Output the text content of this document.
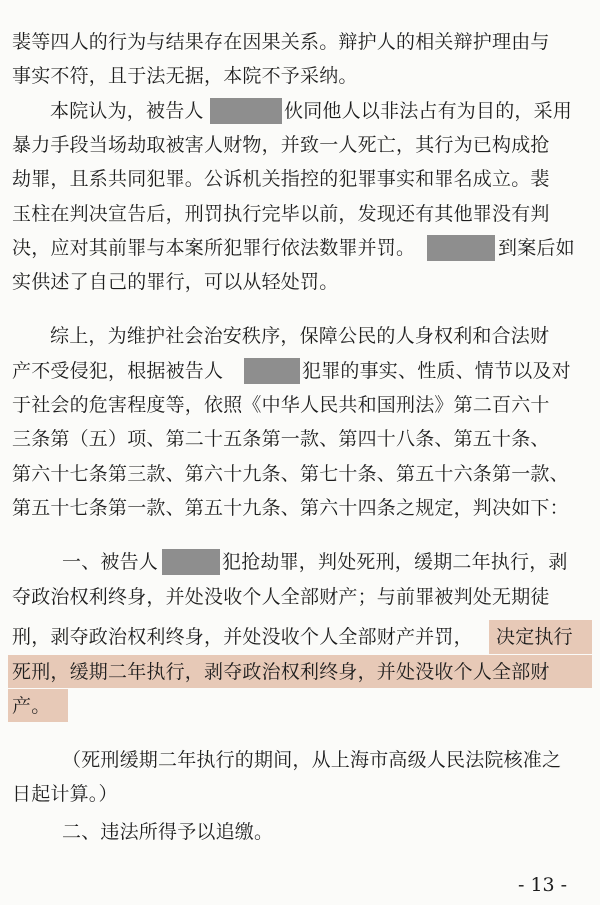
裴等四人的行为与结果存在因果关系。辩护人的相关辩护理由与
事实不符，且于法无据，本院不予采纳。
本院认为，被告人	伙同他人以非法占有为目的，采用
暴力手段当场劫取被害人财物，并致一人死亡，其行为已构成抢
劫罪，且系共同犯罪。公诉机关指控的犯罪事实和罪名成立。裴
玉柱在判决宣告后，刑罚执行完毕以前，发现还有其他罪没有判
决，应对其前罪与本案所犯罪行依法数罪并罚。	到案后如
实供述了自己的罪行，可以从轻处罚。
综上，为维护社会治安秩序，保障公民的人身权利和合法财
产不受侵犯，根据被告人	犯罪的事实、性质、情节以及对
于社会的危害程度等，依照《中华人民共和国刑法》第二百六十
三条第（五）项、第二十五条第一款、第四十八条、第五十条、
第六十七条第三款、第六十九条、第七十条、第五十六条第一款、
第五十七条第一款、第五十九条、第六十四条之规定，判决如下：
一、被告人	犯抢劫罪，判处死刑，缓期二年执行，剥
夺政治权利终身，并处没收个人全部财产；与前罪被判处无期徒
刑，剥夺政治权利终身，并处没收个人全部财产并罚， 决定执行
死刑，缓期二年执行，剥夺政治权利终身，并处没收个人全部财
产。
（死刑缓期二年执行的期间，从上海市高级人民法院核准之
日起计算。）
二、违法所得予以追缴。
- 13 -
